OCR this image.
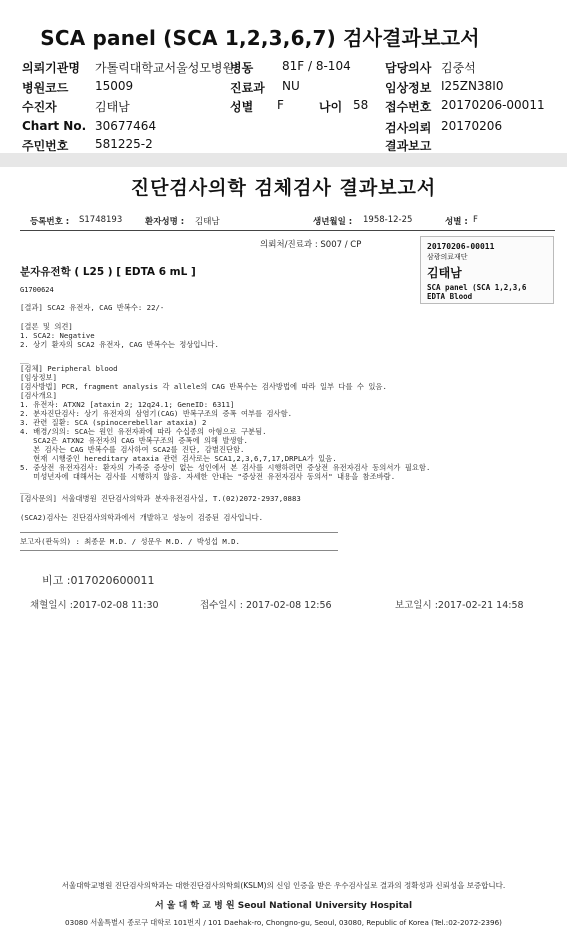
SCA panel (SCA 1,2,3,6,7) 검사결과보고서
의뢰기관명 가톨릭대학교서울성모병원
병동 81F / 8-104	담당의사 김중석
병원코드 15009	진료과 NU	임상정보 I25ZN38I0
수진자	김태남	성별 F	나이 58 접수번호 20170206-00011
Chart No. 30677464	검사의뢰 20170206
주민번호 581225-2	결과보고
진단검사의학 검체검사 결과보고서
등록번호 : S1748193	환자성명 : 김태남	생년월일 : 1958-12-25	성별 : F
의뢰처/진료과 : S007 / CP	20170206-00011
삼광의료재단
김태남
SCA panel (SCA 1,2,3,6
EDTA Blood
분자유전학 ( L25 ) [ EDTA 6 mL ]
G1700624
[결과] SCA2 유전자, CAG 반복수: 22/-
[결론 및 의견]
1. SCA2: Negative
2. 상기 환자의 SCA2 유전자, CAG 반복수는 정상입니다.
__
[검체] Peripheral blood
[임상정보]
[검사방법] PCR, fragment analysis 각 allele의 CAG 반복수는 검사방법에 따라 일부 다를 수 있음.
[검사개요]
1. 유전자: ATXN2 [ataxin 2; 12q24.1; GeneID: 6311]
2. 분자진단검사: 상기 유전자의 삼염기(CAG) 반복구조의 증폭 여부를 검사함.
3. 관련 질환: SCA (spinocerebellar ataxia) 2
4. 배경/의의: SCA는 원인 유전자좌에 따라 수십종의 아형으로 구분됨.
SCA2은 ATXN2 유전자의 CAG 반복구조의 증폭에 의해 발생함.
본 검사는 CAG 반복수를 검사하여 SCA2를 진단, 감별진단함.
현재 시행중인 hereditary ataxia 관련 검사로는 SCA1,2,3,6,7,17,DRPLA가 있음.
5. 중상전 유전자검사: 환자의 가족중 증상이 없는 성인에서 본 검사를 시행하려면 증상전 유전자검사 동의서가 필요함.
미성년자에 대해서는 검사를 시행하지 않음. 자세한 안내는 "증상전 유전자검사 동의서" 내용을 참조바람.
__
[검사문의] 서울대병원 진단검사의학과 분자유전검사실, T.(02)2072-2937,0883
(SCA2)검사는 진단검사의학과에서 개발하고 성능이 검증된 검사입니다.
보고자(판독의) : 최종문 M.D. / 성문우 M.D. / 박성섭 M.D.
비고 :017020600011
채혈일시 :2017-02-08 11:30	접수일시 : 2017-02-08 12:56	보고일시 :2017-02-21 14:58
서울대학교병원 진단검사의학과는 대한진단검사의학회(KSLM)의 신임 인증을 받은 우수검사실로 결과의 정확성과 신뢰성을 보증합니다.
서 울 대 학 교 병 원 Seoul National University Hospital
03080 서울특별시 종로구 대학로 101번지 / 101 Daehak-ro, Chongno-gu, Seoul, 03080, Republic of Korea (Tel.:02-2072-2396)
